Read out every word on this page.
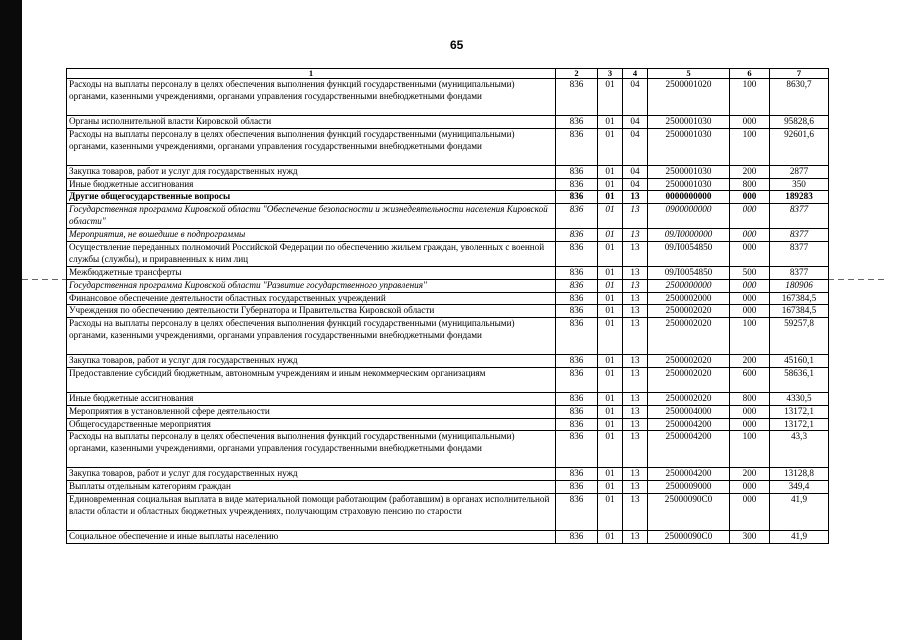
65
1	2	3	4	5	6	7
Расходы на выплаты персоналу в целях обеспечения выполнения функций государственными (муниципальными) органами, казенными учреждениями, органами управления государственными внебюджетными фондами	836	01	04	2500001020	100	8630,7
Органы исполнительной власти Кировской области	836	01	04	2500001030	000	95828,6
Расходы на выплаты персоналу в целях обеспечения выполнения функций государственными (муниципальными) органами, казенными учреждениями, органами управления государственными внебюджетными фондами	836	01	04	2500001030	100	92601,6
Закупка товаров, работ и услуг для государственных нужд	836	01	04	2500001030	200	2877
Иные бюджетные ассигнования	836	01	04	2500001030	800	350
Другие общегосударственные вопросы	836	01	13	0000000000	000	189283
Государственная программа Кировской области "Обеспечение безопасности и жизнедеятельности населения Кировской области"	836	01	13	0900000000	000	8377
Мероприятия, не вошедшие в подпрограммы	836	01	13	09Л0000000	000	8377
Осуществление переданных полномочий Российской Федерации по обеспечению жильем граждан, уволенных с военной службы (службы), и приравненных к ним лиц	836	01	13	09Л0054850	000	8377
Межбюджетные трансферты	836	01	13	09Л0054850	500	8377
Государственная программа Кировской области "Развитие государственного управления"	836	01	13	2500000000	000	180906
Финансовое обеспечение деятельности областных государственных учреждений	836	01	13	2500002000	000	167384,5
Учреждения по обеспечению деятельности Губернатора и Правительства Кировской области	836	01	13	2500002020	000	167384,5
Расходы на выплаты персоналу в целях обеспечения выполнения функций государственными (муниципальными) органами, казенными учреждениями, органами управления государственными внебюджетными фондами	836	01	13	2500002020	100	59257,8
Закупка товаров, работ и услуг для государственных нужд	836	01	13	2500002020	200	45160,1
Предоставление субсидий бюджетным, автономным учреждениям и иным некоммерческим организациям	836	01	13	2500002020	600	58636,1
Иные бюджетные ассигнования	836	01	13	2500002020	800	4330,5
Мероприятия в установленной сфере деятельности	836	01	13	2500004000	000	13172,1
Общегосударственные мероприятия	836	01	13	2500004200	000	13172,1
Расходы на выплаты персоналу в целях обеспечения выполнения функций государственными (муниципальными) органами, казенными учреждениями, органами управления государственными внебюджетными фондами	836	01	13	2500004200	100	43,3
Закупка товаров, работ и услуг для государственных нужд	836	01	13	2500004200	200	13128,8
Выплаты отдельным категориям граждан	836	01	13	2500009000	000	349,4
Единовременная социальная выплата в виде материальной помощи работающим (работавшим) в органах исполнительной власти области и областных бюджетных учреждениях, получающим страховую пенсию по старости	836	01	13	25000090С0	000	41,9
Социальное обеспечение и иные выплаты населению	836	01	13	25000090С0	300	41,9
